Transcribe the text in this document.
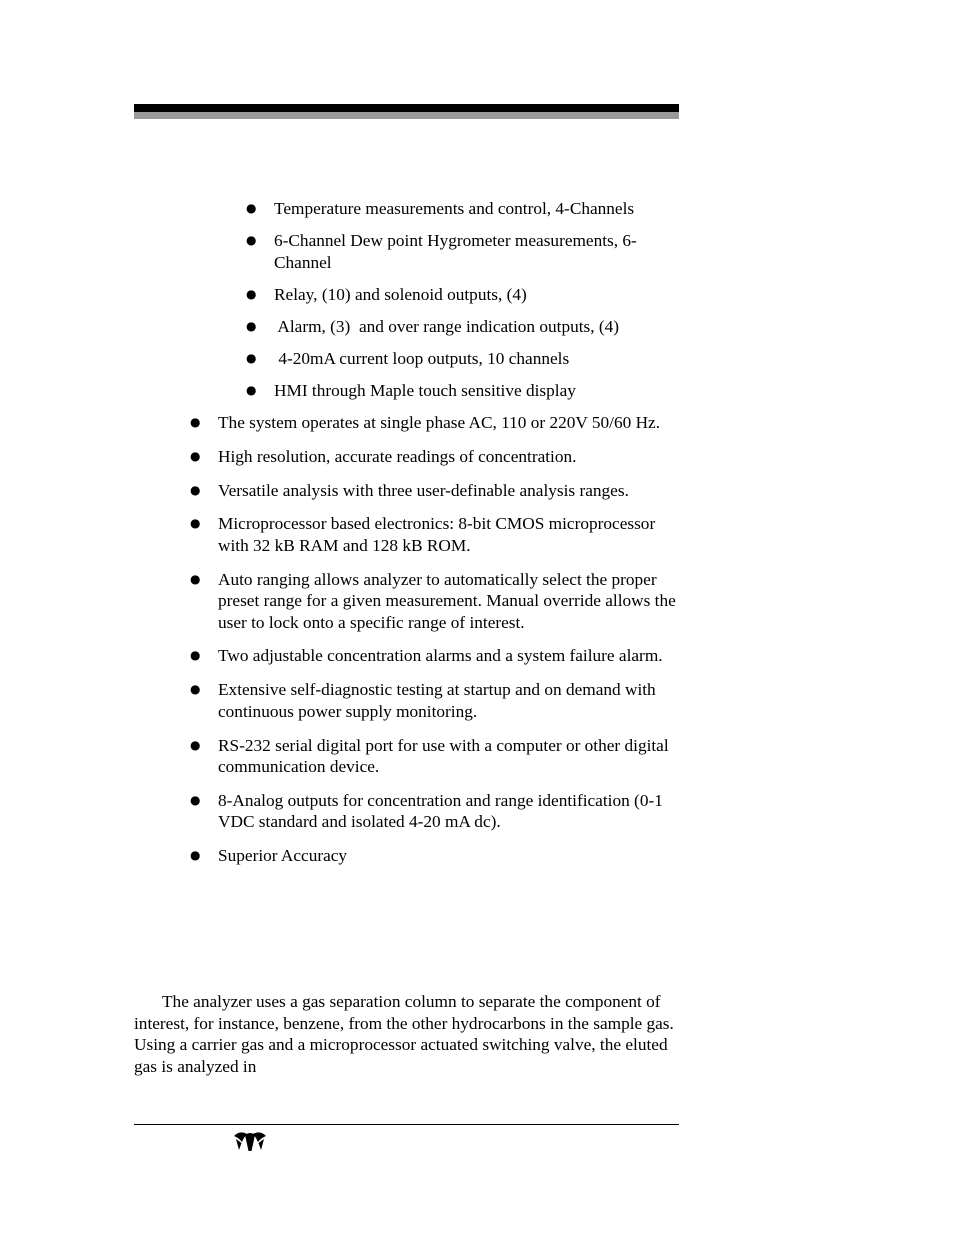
● Temperature measurements and control, 4-Channels
● 6-Channel Dew point Hygrometer measurements, 6-Channel
● Relay, (10) and solenoid outputs, (4)
● Alarm, (3)  and over range indication outputs, (4)
● 4-20mA current loop outputs, 10 channels
● HMI through Maple touch sensitive display
● The system operates at single phase AC, 110 or 220V 50/60 Hz.
● High resolution, accurate readings of concentration.
● Versatile analysis with three user-definable analysis ranges.
● Microprocessor based electronics: 8-bit CMOS microprocessor with 32 kB RAM and 128 kB ROM.
● Auto ranging allows analyzer to automatically select the proper preset range for a given measurement. Manual override allows the user to lock onto a specific range of interest.
● Two adjustable concentration alarms and a system failure alarm.
● Extensive self-diagnostic testing at startup and on demand with continuous power supply monitoring.
● RS-232 serial digital port for use with a computer or other digital communication device.
● 8-Analog outputs for concentration and range identification (0-1 VDC standard and isolated 4-20 mA dc).
● Superior Accuracy

The analyzer uses a gas separation column to separate the component of interest, for instance, benzene, from the other hydrocarbons in the sample gas. Using a carrier gas and a microprocessor actuated switching valve, the eluted gas is analyzed in
